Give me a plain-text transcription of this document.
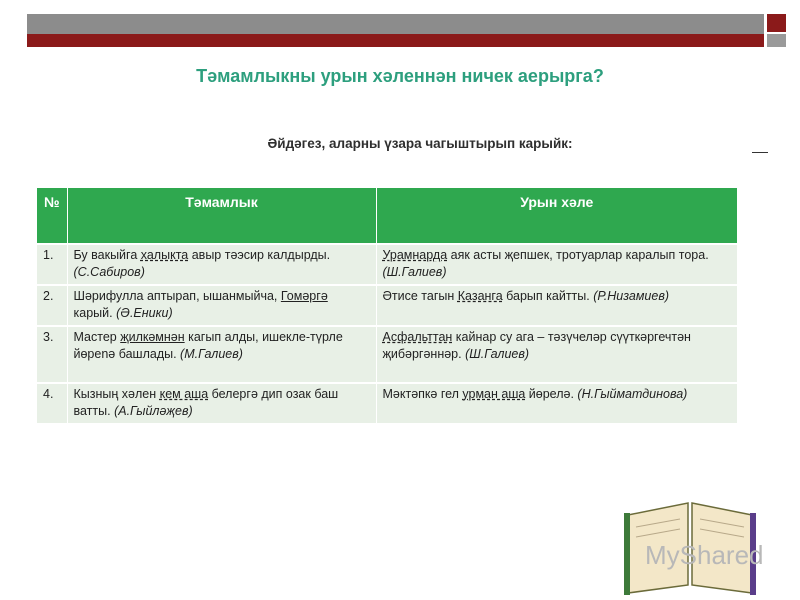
Тәмамлыкны урын хәленнән ничек аерырга?
Әйдәгез, аларны үзара чагыштырып карыйк:
№	Тәмамлык	Урын хәле
1.	Бу вакыйга халыкта авыр тәэсир калдырды. (С.Сабиров)	Урамнарда аяк асты җепшек, тротуарлар каралып тора. (Ш.Галиев)
2.	Шәрифулла аптырап, ышанмыйча, Гомәргә карый. (Ә.Еники)	Әтисе тагын Казанга барып кайтты. (Р.Низамиев)
3.	Мастер җилкәмнән кагып алды, ишекле-түрле йөрenә башлады. (М.Галиев)	Асфальттан кайнар су ага – тәзүчеләр сүүткәргечтән җибәргәннәр. (Ш.Галиев)
4.	Кызның хәлен кем аша белергә дип озак баш ватты. (А.Гыйләҗев)	Мәктәпкә гел урман аша йөрелә. (Н.Гыйматдинова)
MyShared
